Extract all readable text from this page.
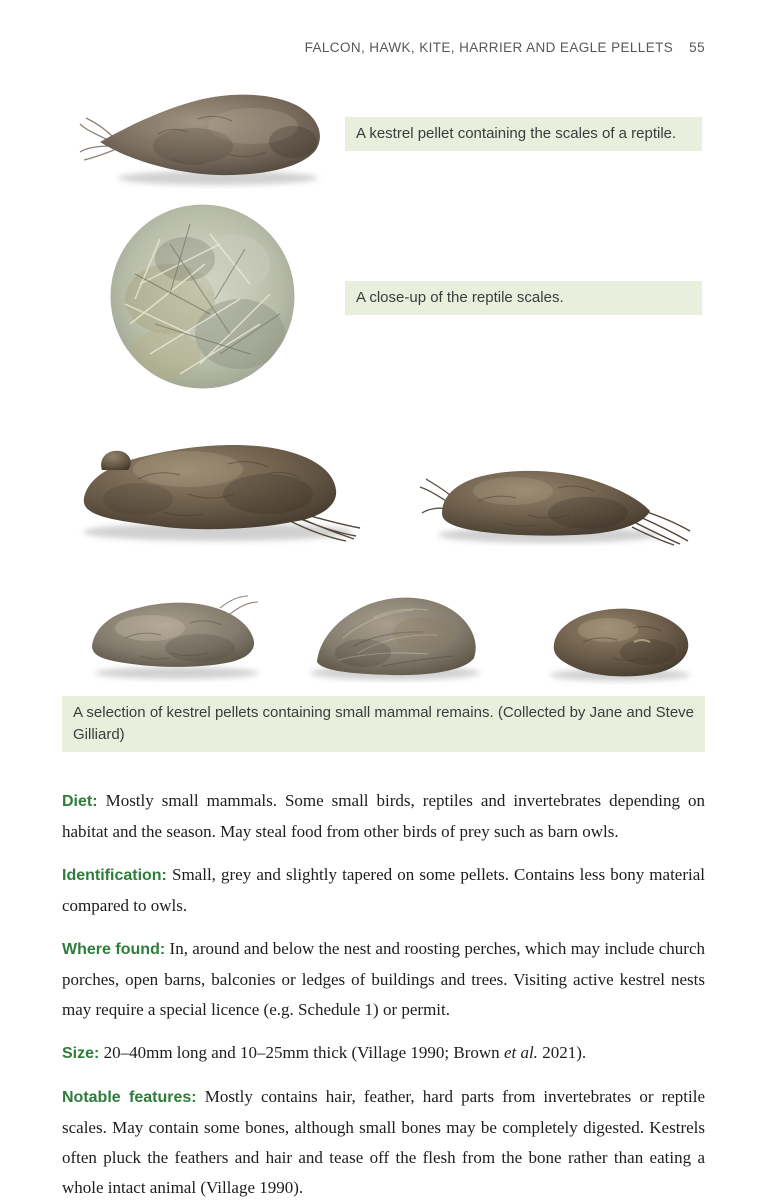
FALCON, HAWK, KITE, HARRIER AND EAGLE PELLETS 55
A kestrel pellet containing the scales of a reptile.
A close-up of the reptile scales.
A selection of kestrel pellets containing small mammal remains. (Collected by Jane and Steve Gilliard)

Diet: Mostly small mammals. Some small birds, reptiles and invertebrates depending on habitat and the season. May steal food from other birds of prey such as barn owls.

Identification: Small, grey and slightly tapered on some pellets. Contains less bony material compared to owls.

Where found: In, around and below the nest and roosting perches, which may include church porches, open barns, balconies or ledges of buildings and trees. Visiting active kestrel nests may require a special licence (e.g. Schedule 1) or permit.

Size: 20–40mm long and 10–25mm thick (Village 1990; Brown et al. 2021).

Notable features: Mostly contains hair, feather, hard parts from invertebrates or reptile scales. May contain some bones, although small bones may be completely digested. Kestrels often pluck the feathers and hair and tease off the flesh from the bone rather than eating a whole intact animal (Village 1990).
